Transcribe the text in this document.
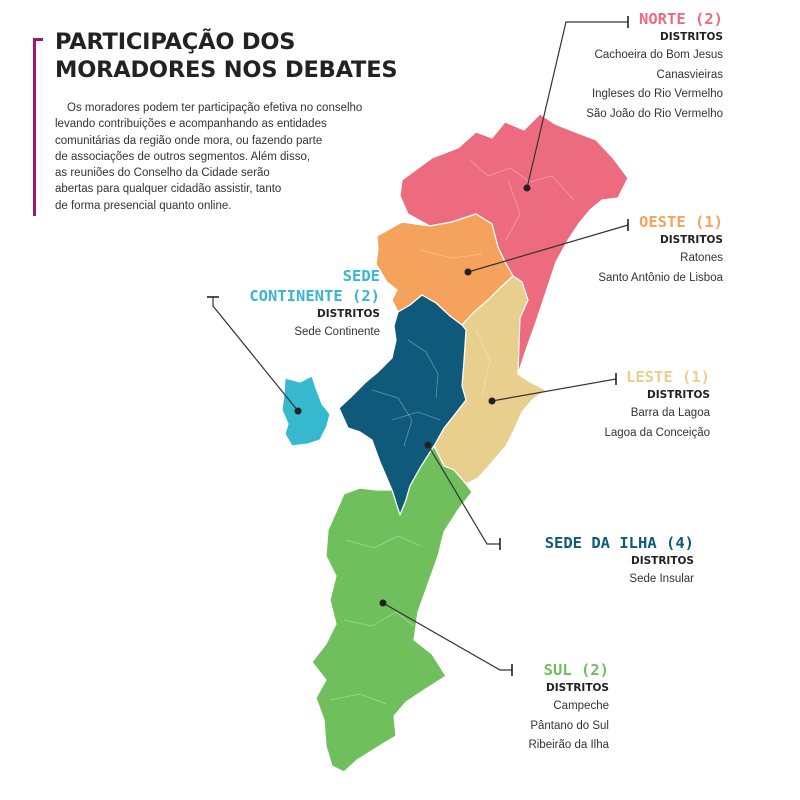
PARTICIPAÇÃO DOS
MORADORES NOS DEBATES
Os moradores podem ter participação efetiva no conselho
levando contribuições e acompanhando as entidades
comunitárias da região onde mora, ou fazendo parte
de associações de outros segmentos. Além disso,
as reuniões do Conselho da Cidade serão
abertas para qualquer cidadão assistir, tanto
de forma presencial quanto online.
NORTE (2)
DISTRITOS
Cachoeira do Bom Jesus
Canasvieiras
Ingleses do Rio Vermelho
São João do Rio Vermelho
OESTE (1)
DISTRITOS
Ratones
Santo Antônio de Lisboa
SEDE
CONTINENTE (2)
DISTRITOS
Sede Continente
LESTE (1)
DISTRITOS
Barra da Lagoa
Lagoa da Conceição
SEDE DA ILHA (4)
DISTRITOS
Sede Insular
SUL (2)
DISTRITOS
Campeche
Pântano do Sul
Ribeirão da Ilha
